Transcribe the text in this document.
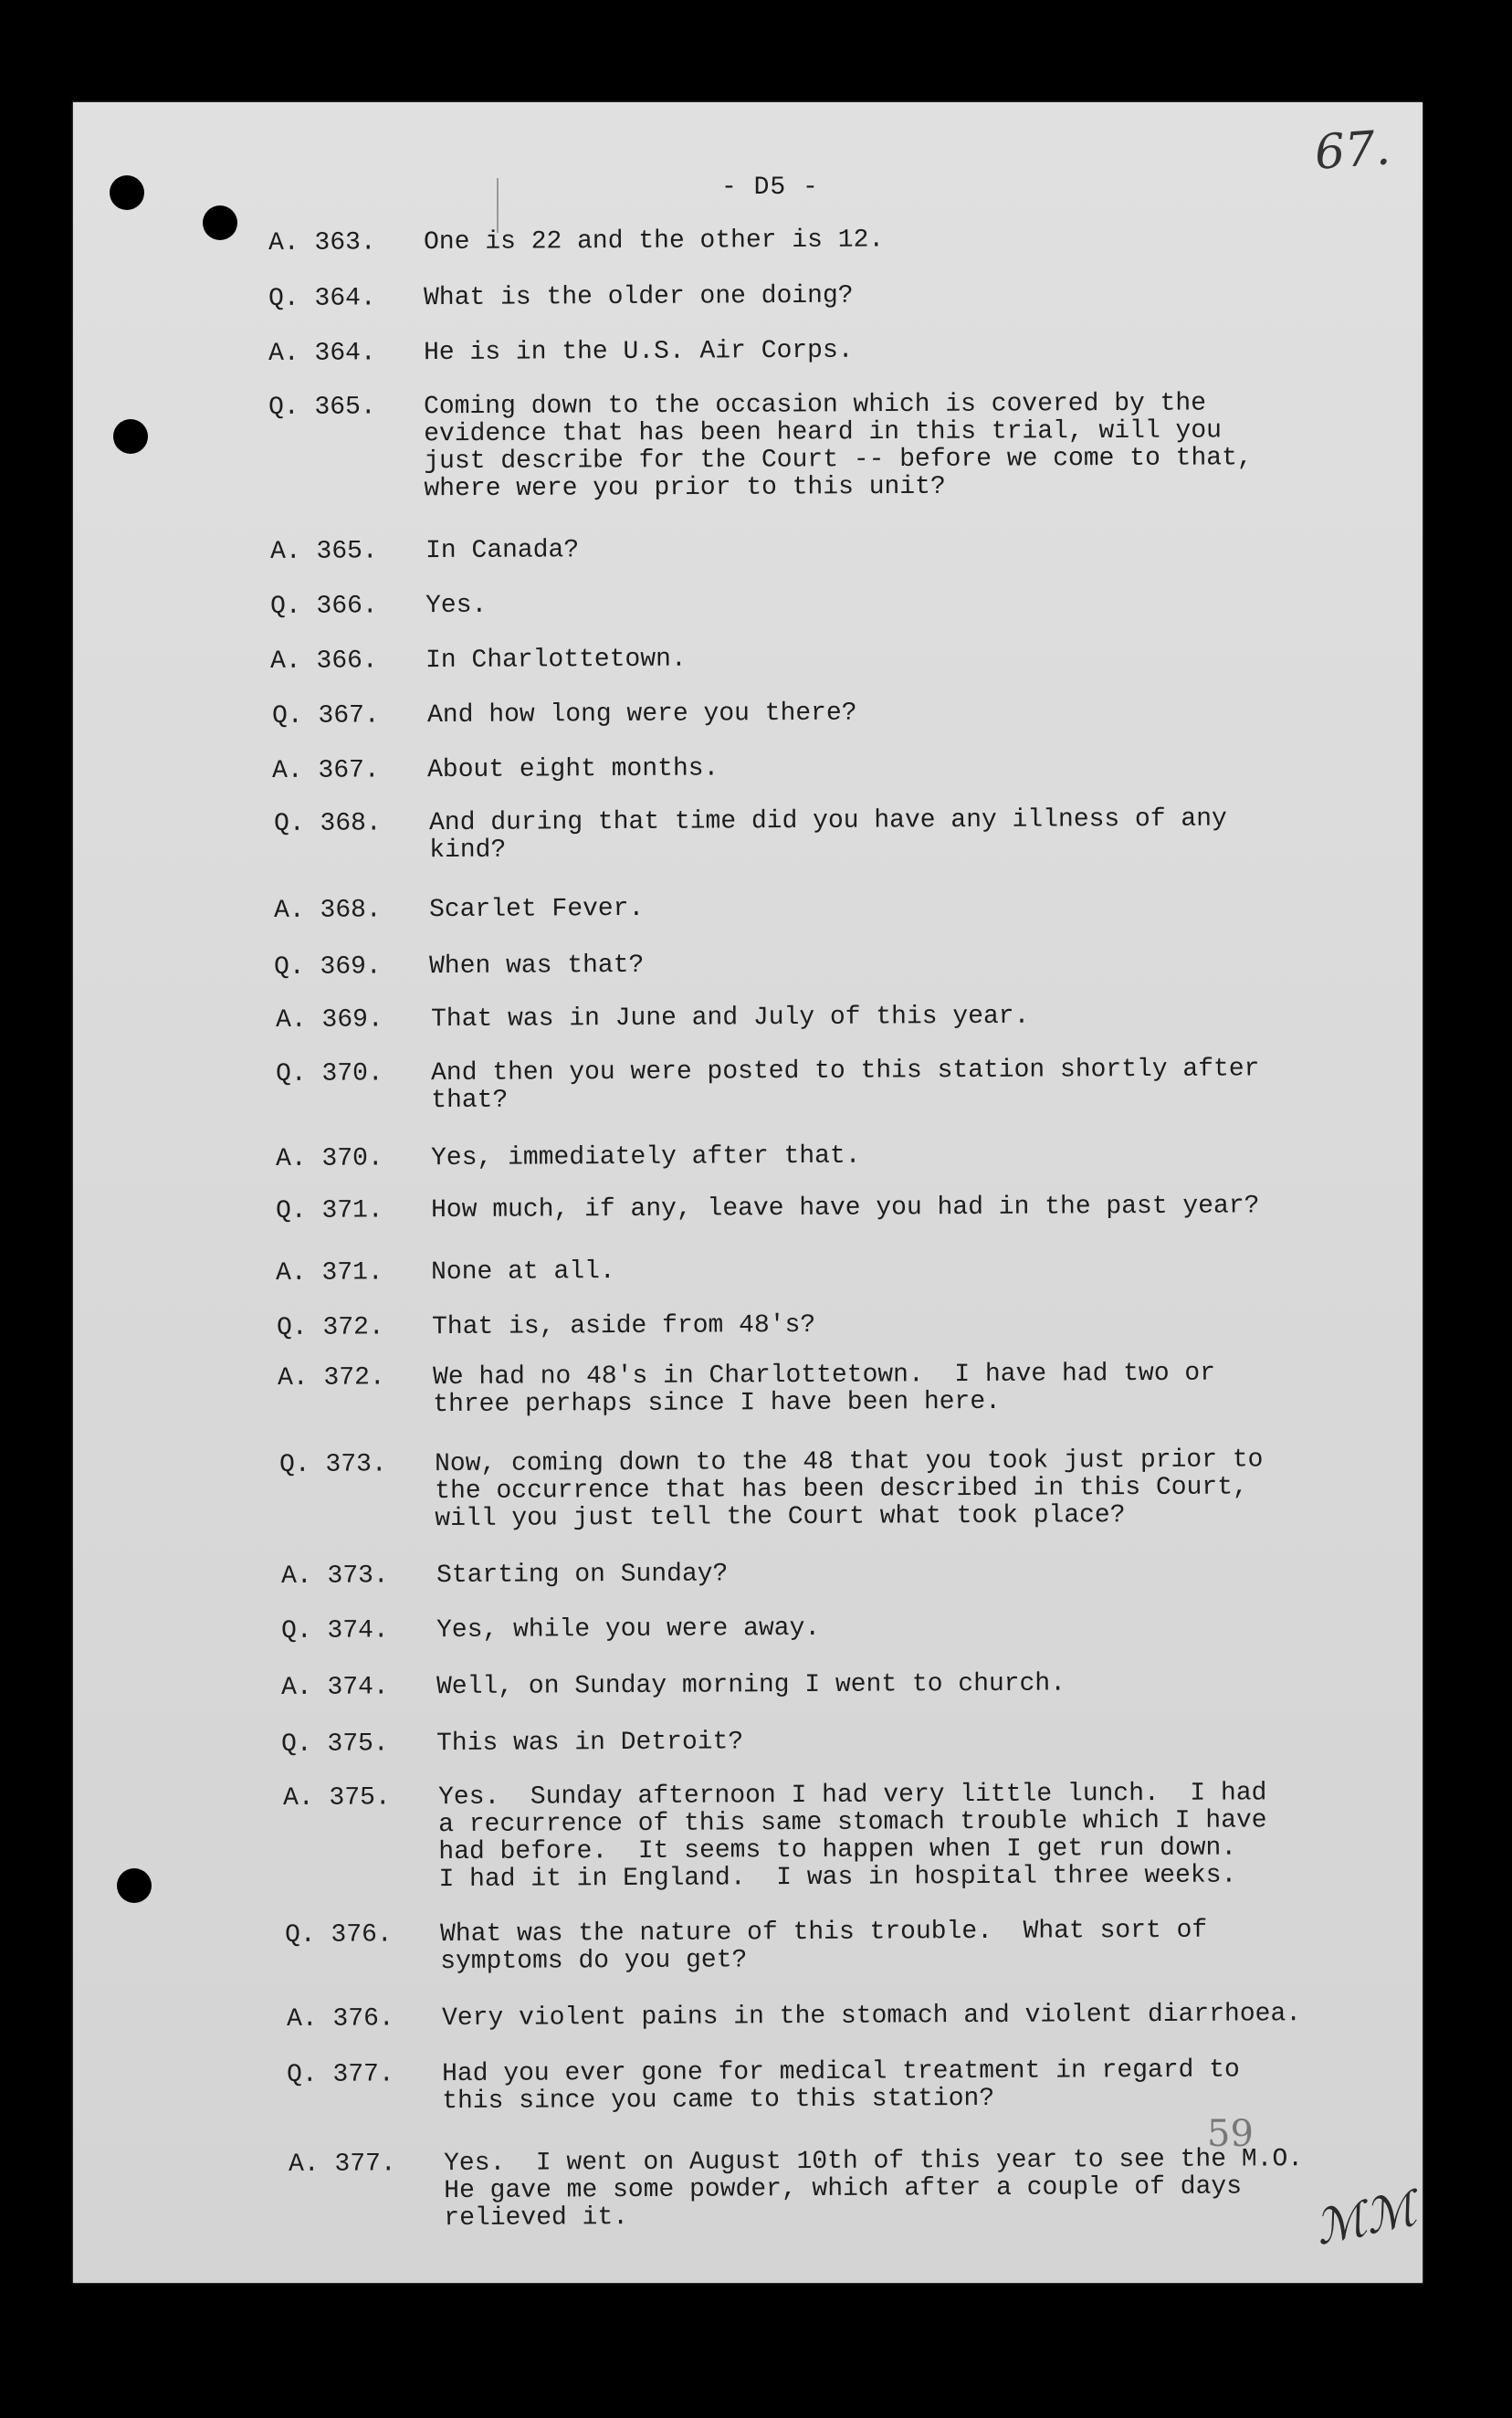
67.
- D5 -
A. 363.	One is 22 and the other is 12.
Q. 364.	What is the older one doing?
A. 364.	He is in the U.S. Air Corps.
Q. 365.	Coming down to the occasion which is covered by the
evidence that has been heard in this trial, will you
just describe for the Court -- before we come to that,
where were you prior to this unit?
A. 365.	In Canada?
Q. 366.	Yes.
A. 366.	In Charlottetown.
Q. 367.	And how long were you there?
A. 367.	About eight months.
Q. 368.	And during that time did you have any illness of any
kind?
A. 368.	Scarlet Fever.
Q. 369.	When was that?
A. 369.	That was in June and July of this year.
Q. 370.	And then you were posted to this station shortly after
that?
A. 370.	Yes, immediately after that.
Q. 371.	How much, if any, leave have you had in the past year?
A. 371.	None at all.
Q. 372.	That is, aside from 48's?
A. 372.	We had no 48's in Charlottetown.  I have had two or
three perhaps since I have been here.
Q. 373.	Now, coming down to the 48 that you took just prior to
the occurrence that has been described in this Court,
will you just tell the Court what took place?
A. 373.	Starting on Sunday?
Q. 374.	Yes, while you were away.
A. 374.	Well, on Sunday morning I went to church.
Q. 375.	This was in Detroit?
A. 375.	Yes.  Sunday afternoon I had very little lunch.  I had
a recurrence of this same stomach trouble which I have
had before.  It seems to happen when I get run down.
I had it in England.  I was in hospital three weeks.
Q. 376.	What was the nature of this trouble.  What sort of
symptoms do you get?
A. 376.	Very violent pains in the stomach and violent diarrhoea.
Q. 377.	Had you ever gone for medical treatment in regard to
this since you came to this station?
A. 377.	Yes.  I went on August 10th of this year to see the M.O.
He gave me some powder, which after a couple of days
relieved it.
59
ℳℳ
